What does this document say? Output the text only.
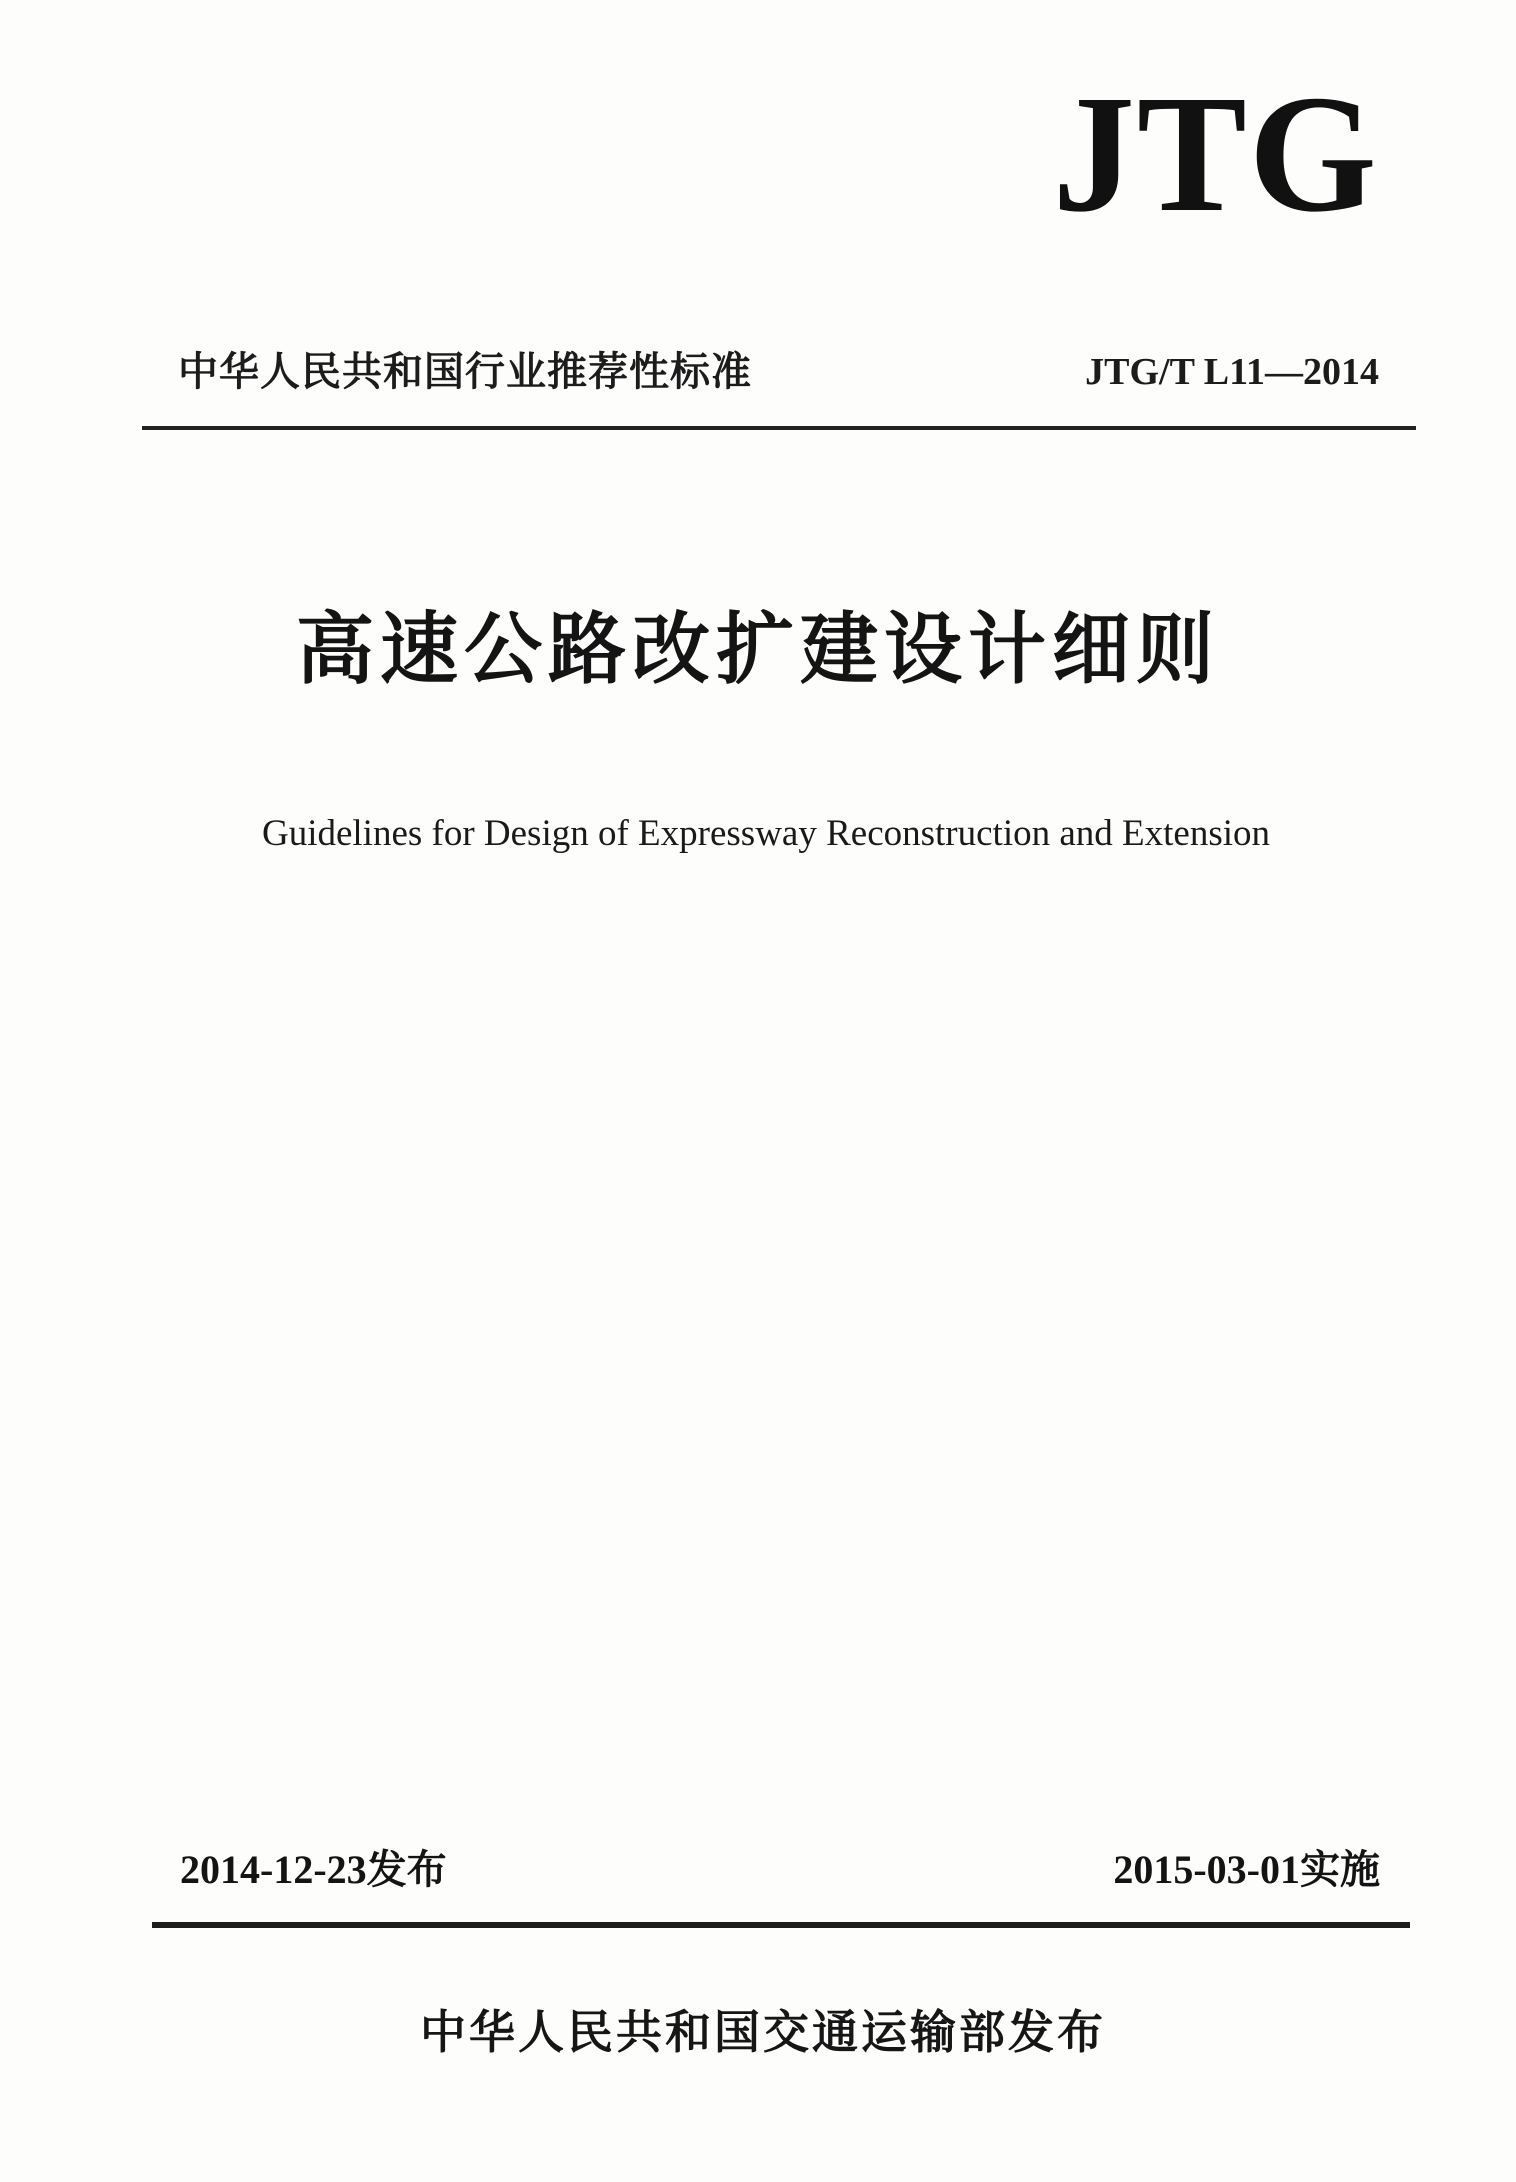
JTG
中华人民共和国行业推荐性标准	JTG/T L11—2014
高速公路改扩建设计细则
Guidelines for Design of Expressway Reconstruction and Extension
2014-12-23发布	2015-03-01实施
中华人民共和国交通运输部发布
